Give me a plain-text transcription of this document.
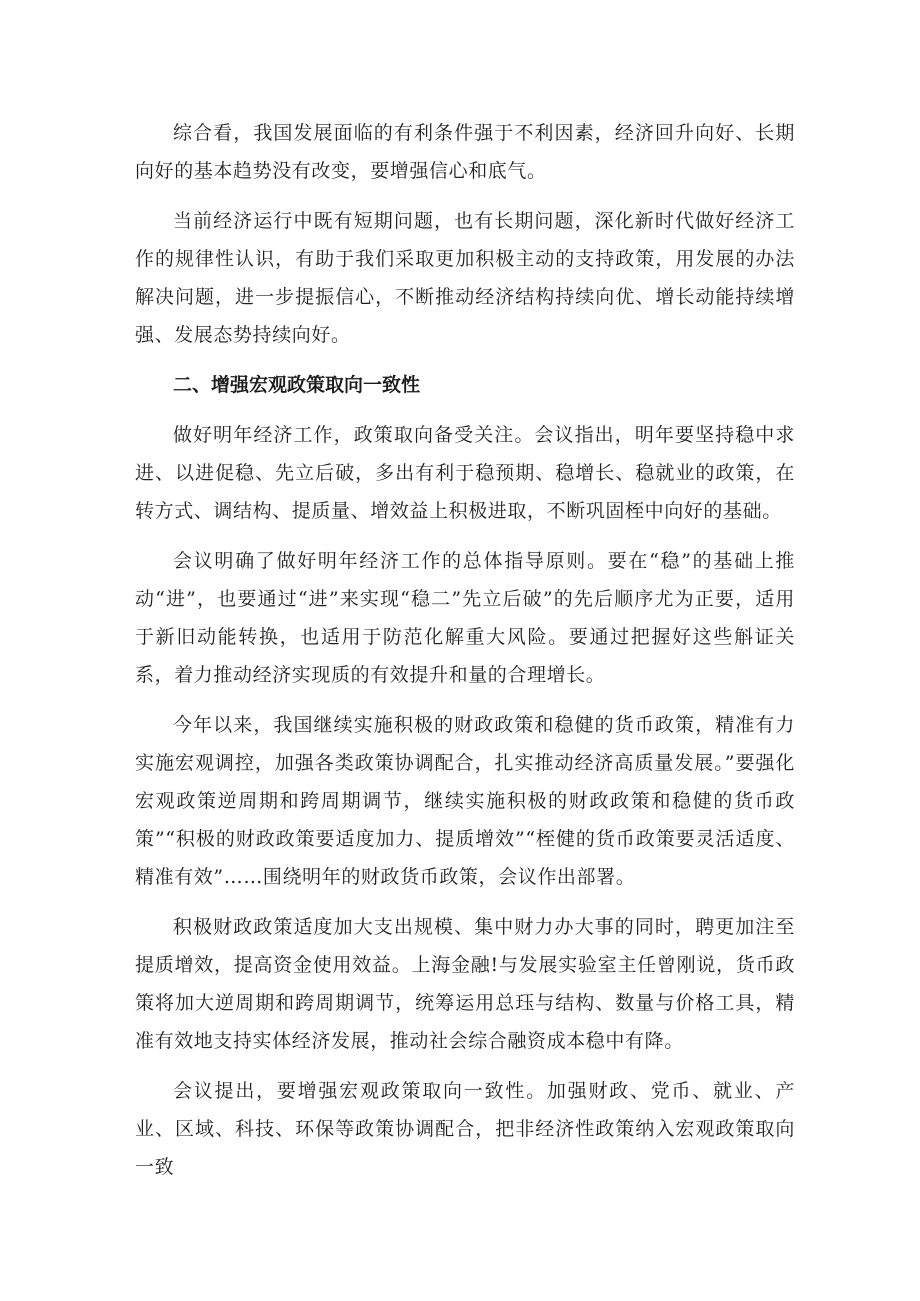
综合看，我国发展面临的有利条件强于不利因素，经济回升向好、长期向好的基本趋势没有改变，要增强信心和底气。

当前经济运行中既有短期问题，也有长期问题，深化新时代做好经济工作的规律性认识，有助于我们采取更加积极主动的支持政策，用发展的办法解决问题，进一步提振信心，不断推动经济结构持续向优、增长动能持续增强、发展态势持续向好。

二、增强宏观政策取向一致性

做好明年经济工作，政策取向备受关注。会议指出，明年要坚持稳中求进、以进促稳、先立后破，多出有利于稳预期、稳增长、稳就业的政策，在转方式、调结构、提质量、增效益上积极进取，不断巩固桎中向好的基础。

会议明确了做好明年经济工作的总体指导原则。要在“稳”的基础上推动“进”，也要通过“进”来实现“稳二”先立后破”的先后顺序尤为正要，适用于新旧动能转换，也适用于防范化解重大风险。要通过把握好这些斛证关系，着力推动经济实现质的有效提升和量的合理增长。

今年以来，我国继续实施积极的财政政策和稳健的货币政策，精准有力实施宏观调控，加强各类政策协调配合，扎实推动经济高质量发展。”要强化宏观政策逆周期和跨周期调节，继续实施积极的财政政策和稳健的货币政策”“积极的财政政策要适度加力、提质增效”“桎健的货币政策要灵活适度、精准有效”……围绕明年的财政货币政策，会议作出部署。

积极财政政策适度加大支出规模、集中财力办大事的同时，聘更加注至提质增效，提高资金使用效益。上海金融!与发展实验室主任曾刚说，货币政策将加大逆周期和跨周期调节，统筹运用总珏与结构、数量与价格工具，精准有效地支持实体经济发展，推动社会综合融资成本稳中有降。

会议提出，要增强宏观政策取向一致性。加强财政、党币、就业、产业、区域、科技、环保等政策协调配合，把非经济性政策纳入宏观政策取向一致
